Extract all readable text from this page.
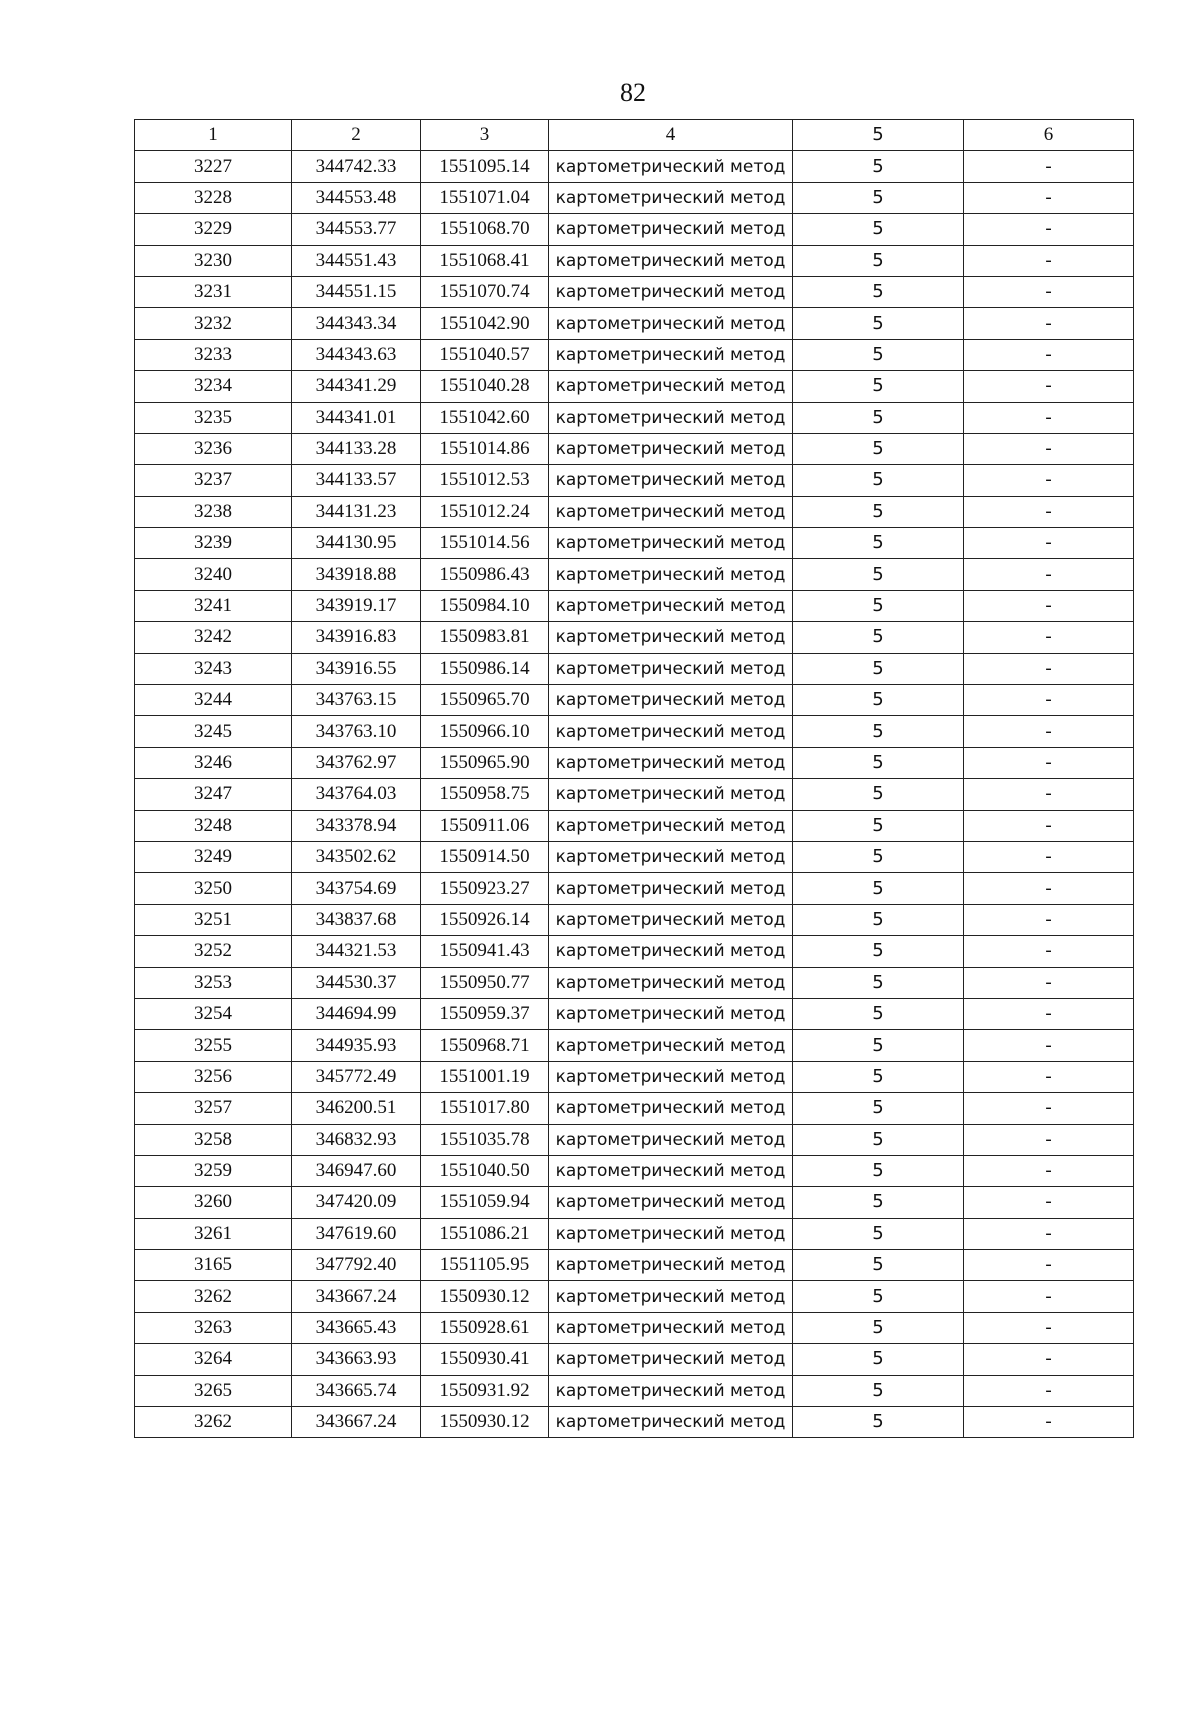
82
1	2	3	4	5	6
3227	344742.33	1551095.14	картометрический метод	5	-
3228	344553.48	1551071.04	картометрический метод	5	-
3229	344553.77	1551068.70	картометрический метод	5	-
3230	344551.43	1551068.41	картометрический метод	5	-
3231	344551.15	1551070.74	картометрический метод	5	-
3232	344343.34	1551042.90	картометрический метод	5	-
3233	344343.63	1551040.57	картометрический метод	5	-
3234	344341.29	1551040.28	картометрический метод	5	-
3235	344341.01	1551042.60	картометрический метод	5	-
3236	344133.28	1551014.86	картометрический метод	5	-
3237	344133.57	1551012.53	картометрический метод	5	-
3238	344131.23	1551012.24	картометрический метод	5	-
3239	344130.95	1551014.56	картометрический метод	5	-
3240	343918.88	1550986.43	картометрический метод	5	-
3241	343919.17	1550984.10	картометрический метод	5	-
3242	343916.83	1550983.81	картометрический метод	5	-
3243	343916.55	1550986.14	картометрический метод	5	-
3244	343763.15	1550965.70	картометрический метод	5	-
3245	343763.10	1550966.10	картометрический метод	5	-
3246	343762.97	1550965.90	картометрический метод	5	-
3247	343764.03	1550958.75	картометрический метод	5	-
3248	343378.94	1550911.06	картометрический метод	5	-
3249	343502.62	1550914.50	картометрический метод	5	-
3250	343754.69	1550923.27	картометрический метод	5	-
3251	343837.68	1550926.14	картометрический метод	5	-
3252	344321.53	1550941.43	картометрический метод	5	-
3253	344530.37	1550950.77	картометрический метод	5	-
3254	344694.99	1550959.37	картометрический метод	5	-
3255	344935.93	1550968.71	картометрический метод	5	-
3256	345772.49	1551001.19	картометрический метод	5	-
3257	346200.51	1551017.80	картометрический метод	5	-
3258	346832.93	1551035.78	картометрический метод	5	-
3259	346947.60	1551040.50	картометрический метод	5	-
3260	347420.09	1551059.94	картометрический метод	5	-
3261	347619.60	1551086.21	картометрический метод	5	-
3165	347792.40	1551105.95	картометрический метод	5	-
3262	343667.24	1550930.12	картометрический метод	5	-
3263	343665.43	1550928.61	картометрический метод	5	-
3264	343663.93	1550930.41	картометрический метод	5	-
3265	343665.74	1550931.92	картометрический метод	5	-
3262	343667.24	1550930.12	картометрический метод	5	-
